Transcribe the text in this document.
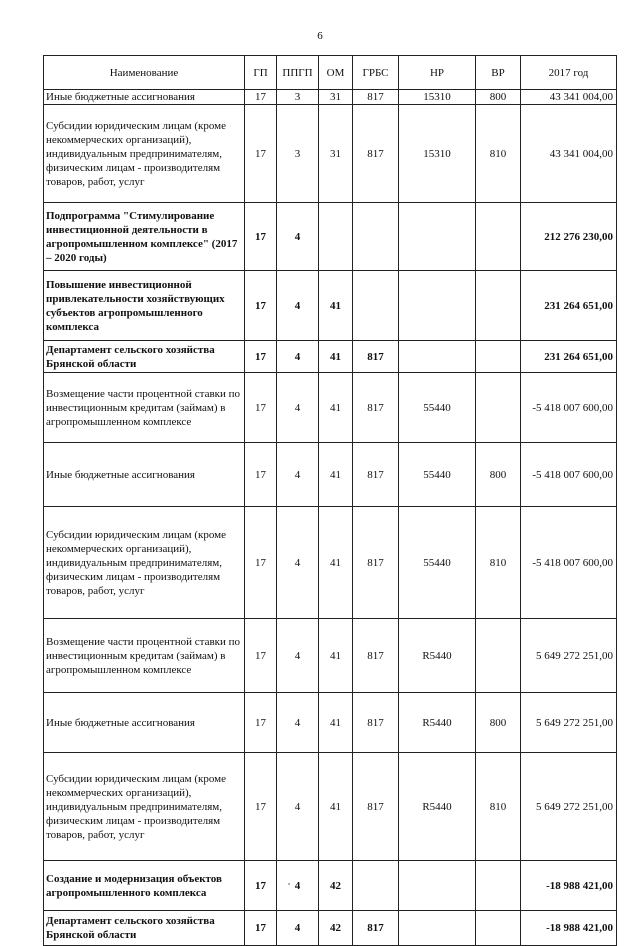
6
Наименование	ГП	ППГП	ОМ	ГРБС	НР	ВР	2017 год
Иные бюджетные ассигнования	17	3	31	817	15310	800	43 341 004,00
Субсидии юридическим лицам (кроме некоммерческих организаций), индивидуальным предпринимателям, физическим лицам - производителям товаров, работ, услуг	17	3	31	817	15310	810	43 341 004,00
Подпрограмма "Стимулирование инвестиционной деятельности в агропромышленном комплексе" (2017 – 2020 годы)	17	4					212 276 230,00
Повышение инвестиционной привлекательности хозяйствующих субъектов агропромышленного комплекса	17	4	41				231 264 651,00
Департамент сельского хозяйства Брянской области	17	4	41	817			231 264 651,00
Возмещение части процентной ставки по инвестиционным кредитам (займам) в агропромышленном комплексе	17	4	41	817	55440		-5 418 007 600,00
Иные бюджетные ассигнования	17	4	41	817	55440	800	-5 418 007 600,00
Субсидии юридическим лицам (кроме некоммерческих организаций), индивидуальным предпринимателям, физическим лицам - производителям товаров, работ, услуг	17	4	41	817	55440	810	-5 418 007 600,00
Возмещение части процентной ставки по инвестиционным кредитам (займам) в агропромышленном комплексе	17	4	41	817	R5440		5 649 272 251,00
Иные бюджетные ассигнования	17	4	41	817	R5440	800	5 649 272 251,00
Субсидии юридическим лицам (кроме некоммерческих организаций), индивидуальным предпринимателям, физическим лицам - производителям товаров, работ, услуг	17	4	41	817	R5440	810	5 649 272 251,00
Создание и модернизация объектов агропромышленного комплекса	17	4	42				-18 988 421,00
Департамент сельского хозяйства Брянской области	17	4	42	817			-18 988 421,00
